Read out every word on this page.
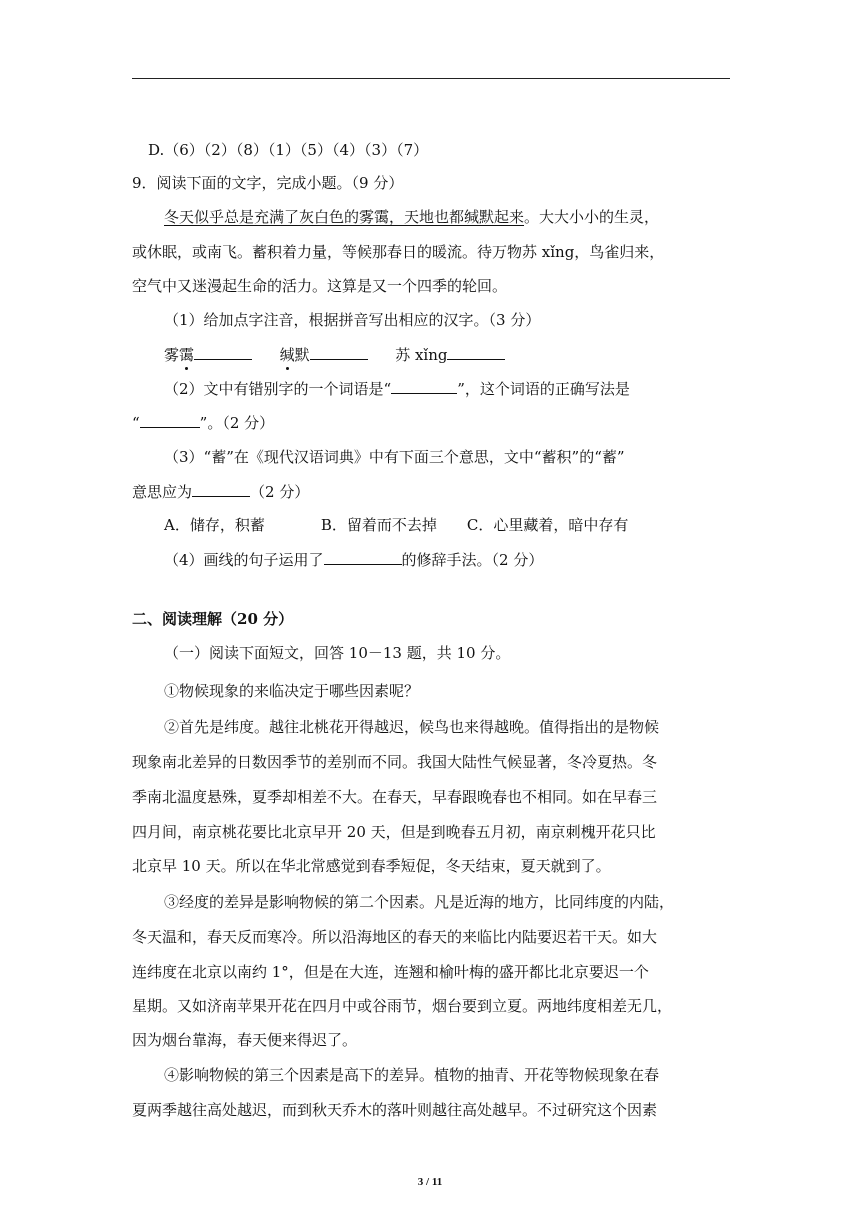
D.（6）（2）（8）（1）（5）（4）（3）（7）
9．阅读下面的文字，完成小题。（9 分）
冬天似乎总是充满了灰白色的雾霭，天地也都缄默起来。大大小小的生灵，
或休眠，或南飞。蓄积着力量，等候那春日的暖流。待万物苏 xǐng，鸟雀归来，
空气中又迷漫起生命的活力。这算是又一个四季的轮回。
（1）给加点字注音，根据拼音写出相应的汉字。（3 分）
雾霭	缄默	苏 xǐng
（2）文中有错别字的一个词语是“	”，这个词语的正确写法是
“	”。（2 分）
（3）“蓄”在《现代汉语词典》中有下面三个意思，文中“蓄积”的“蓄”
意思应为	（2 分）
A．储存，积蓄	B．留着而不去掉 C．心里藏着，暗中存有
（4）画线的句子运用了	的修辞手法。（2 分）
二、阅读理解（20 分）
（一）阅读下面短文，回答 10－13 题，共 10 分。
①物候现象的来临决定于哪些因素呢？
②首先是纬度。越往北桃花开得越迟，候鸟也来得越晚。值得指出的是物候
现象南北差异的日数因季节的差别而不同。我国大陆性气候显著，冬冷夏热。冬
季南北温度悬殊，夏季却相差不大。在春天，早春跟晚春也不相同。如在早春三
四月间，南京桃花要比北京早开 20 天，但是到晚春五月初，南京刺槐开花只比
北京早 10 天。所以在华北常感觉到春季短促，冬天结束，夏天就到了。
③经度的差异是影响物候的第二个因素。凡是近海的地方，比同纬度的内陆，
冬天温和，春天反而寒冷。所以沿海地区的春天的来临比内陆要迟若干天。如大
连纬度在北京以南约 1°，但是在大连，连翘和榆叶梅的盛开都比北京要迟一个
星期。又如济南苹果开花在四月中或谷雨节，烟台要到立夏。两地纬度相差无几，
因为烟台靠海，春天便来得迟了。
④影响物候的第三个因素是高下的差异。植物的抽青、开花等物候现象在春
夏两季越往高处越迟，而到秋天乔木的落叶则越往高处越早。不过研究这个因素
3 / 11
